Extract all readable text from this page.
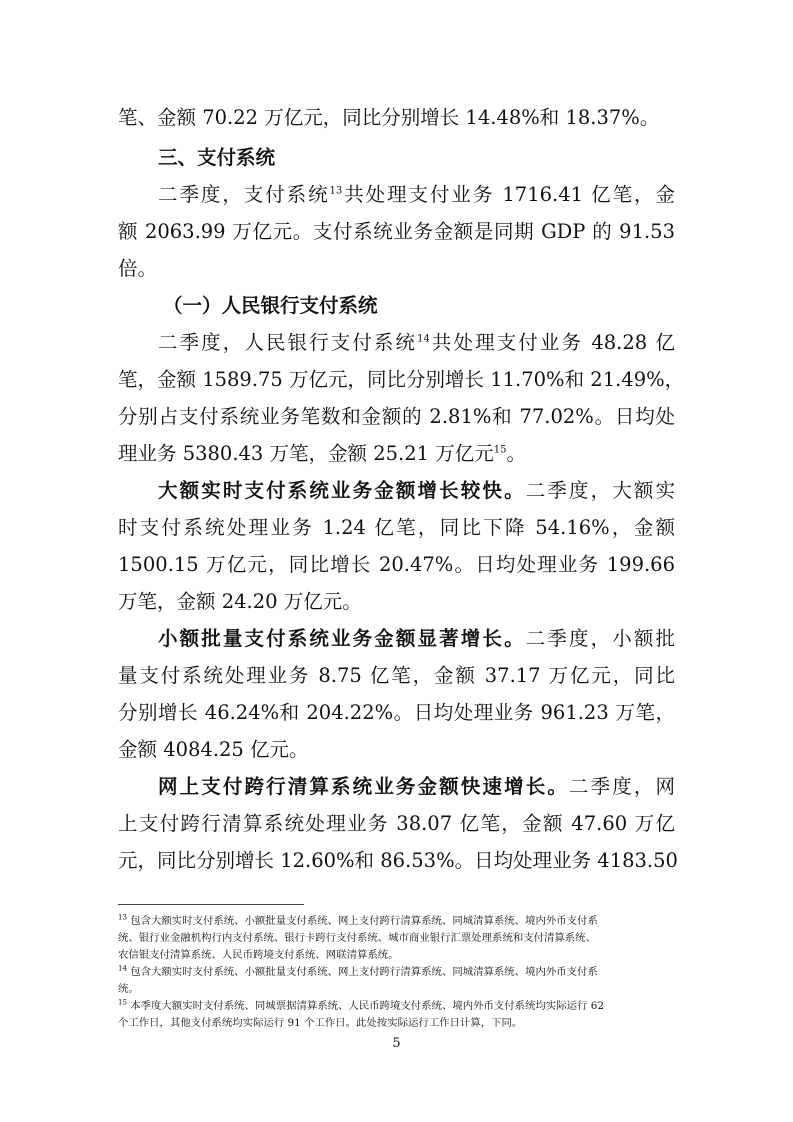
笔、金额 70.22 万亿元，同比分别增长 14.48%和 18.37%。
三、支付系统
二季度，支付系统$^{13}$共处理支付业务 1716.41 亿笔，金
额 2063.99 万亿元。支付系统业务金额是同期 GDP 的 91.53
倍。
（一）人民银行支付系统
二季度，人民银行支付系统$^{14}$共处理支付业务 48.28 亿
笔，金额 1589.75 万亿元，同比分别增长 11.70%和 21.49%，
分别占支付系统业务笔数和金额的 2.81%和 77.02%。日均处
理业务 5380.43 万笔，金额 25.21 万亿元$^{15}$。
大额实时支付系统业务金额增长较快。二季度，大额实
时支付系统处理业务 1.24 亿笔，同比下降 54.16%，金额
1500.15 万亿元，同比增长 20.47%。日均处理业务 199.66
万笔，金额 24.20 万亿元。
小额批量支付系统业务金额显著增长。二季度，小额批
量支付系统处理业务 8.75 亿笔，金额 37.17 万亿元，同比
分别增长 46.24%和 204.22%。日均处理业务 961.23 万笔，
金额 4084.25 亿元。
网上支付跨行清算系统业务金额快速增长。二季度，网
上支付跨行清算系统处理业务 38.07 亿笔，金额 47.60 万亿
元，同比分别增长 12.60%和 86.53%。日均处理业务 4183.50
$^{13}$ 包含大额实时支付系统、小额批量支付系统、网上支付跨行清算系统、同城清算系统、境内外币支付系
统、银行业金融机构行内支付系统、银行卡跨行支付系统、城市商业银行汇票处理系统和支付清算系统、
农信银支付清算系统、人民币跨境支付系统、网联清算系统。
$^{14}$ 包含大额实时支付系统、小额批量支付系统、网上支付跨行清算系统、同城清算系统、境内外币支付系
统。
$^{15}$ 本季度大额实时支付系统、同城票据清算系统、人民币跨境支付系统、境内外币支付系统均实际运行 62
个工作日，其他支付系统均实际运行 91 个工作日。此处按实际运行工作日计算，下同。
5
